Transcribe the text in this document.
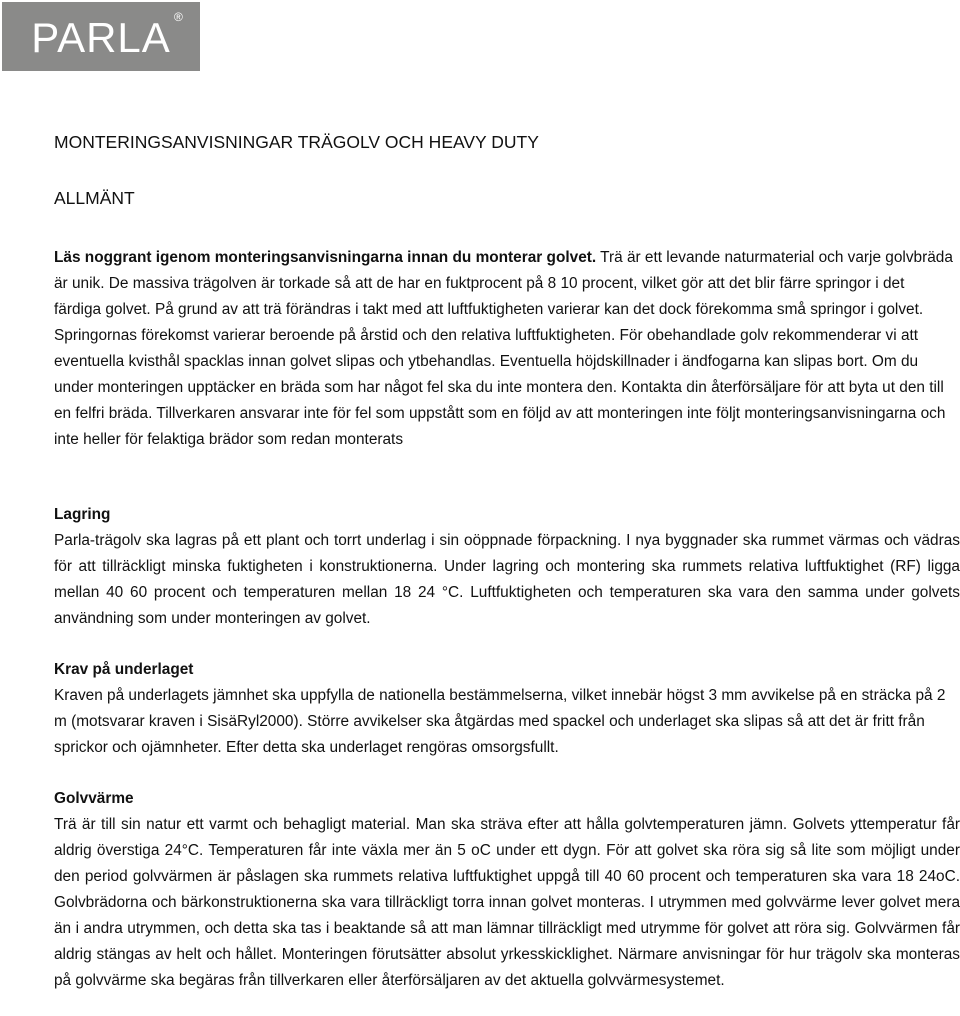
PARLA ®
MONTERINGSANVISNINGAR TRÄGOLV OCH HEAVY DUTY
ALLMÄNT

Läs noggrant igenom monteringsanvisningarna innan du monterar golvet. Trä är ett levande naturmaterial och varje golvbräda är unik. De massiva trägolven är torkade så att de har en fuktprocent på 8 10 procent, vilket gör att det blir färre springor i det färdiga golvet. På grund av att trä förändras i takt med att luftfuktigheten varierar kan det dock förekomma små springor i golvet. Springornas förekomst varierar beroende på årstid och den relativa luftfuktigheten. För obehandlade golv rekommenderar vi att eventuella kvisthål spacklas innan golvet slipas och ytbehandlas. Eventuella höjdskillnader i ändfogarna kan slipas bort. Om du under monteringen upptäcker en bräda som har något fel ska du inte montera den. Kontakta din återförsäljare för att byta ut den till en felfri bräda. Tillverkaren ansvarar inte för fel som uppstått som en följd av att monteringen inte följt monteringsanvisningarna och inte heller för felaktiga brädor som redan monterats

Lagring

Parla-trägolv ska lagras på ett plant och torrt underlag i sin oöppnade förpackning. I nya byggnader ska rummet värmas och vädras för att tillräckligt minska fuktigheten i konstruktionerna. Under lagring och montering ska rummets relativa luftfuktighet (RF) ligga mellan 40 60 procent och temperaturen mellan 18 24 °C. Luftfuktigheten och temperaturen ska vara den samma under golvets användning som under monteringen av golvet.

Krav på underlaget

Kraven på underlagets jämnhet ska uppfylla de nationella bestämmelserna, vilket innebär högst 3 mm avvikelse på en sträcka på 2 m (motsvarar kraven i SisäRyl2000). Större avvikelser ska åtgärdas med spackel och underlaget ska slipas så att det är fritt från sprickor och ojämnheter. Efter detta ska underlaget rengöras omsorgsfullt.

Golvvärme

Trä är till sin natur ett varmt och behagligt material. Man ska sträva efter att hålla golvtemperaturen jämn. Golvets yttemperatur får aldrig överstiga 24°C. Temperaturen får inte växla mer än 5 oC under ett dygn. För att golvet ska röra sig så lite som möjligt under den period golvvärmen är påslagen ska rummets relativa luftfuktighet uppgå till 40 60 procent och temperaturen ska vara 18 24oC. Golvbrädorna och bärkonstruktionerna ska vara tillräckligt torra innan golvet monteras. I utrymmen med golvvärme lever golvet mera än i andra utrymmen, och detta ska tas i beaktande så att man lämnar tillräckligt med utrymme för golvet att röra sig. Golvvärmen får aldrig stängas av helt och hållet. Monteringen förutsätter absolut yrkesskicklighet. Närmare anvisningar för hur trägolv ska monteras på golvvärme ska begäras från tillverkaren eller återförsäljaren av det aktuella golvvärmesystemet.
